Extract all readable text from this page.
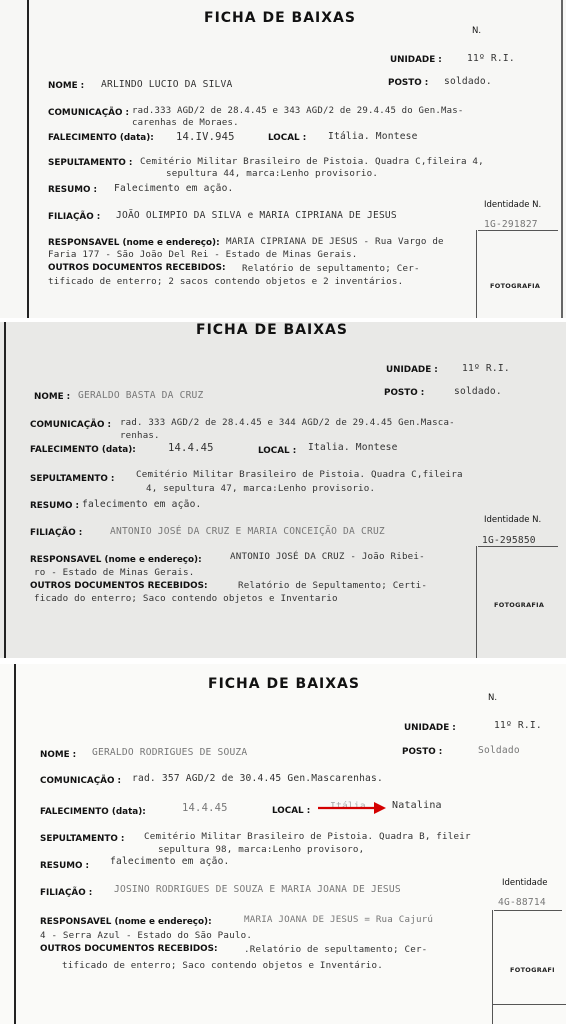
FICHA DE BAIXAS
N.
UNIDADE :	11º R.I.
NOME : ARLINDO LUCIO DA SILVA	POSTO : soldado.
COMUNICAÇÃO : rad.333 AGD/2 de 28.4.45 e 343 AGD/2 de 29.4.45 do Gen.Mas-
carenhas de Moraes.
FALECIMENTO (data): 14.IV.945	LOCAL : Itália. Montese
SEPULTAMENTO : Cemitério Militar Brasileiro de Pistoia. Quadra C,fileira 4,
sepultura 44, marca:Lenho provisorio.
RESUMO : Falecimento em ação.
Identidade N.
FILIAÇÃO : JOÃO OLIMPIO DA SILVA e MARIA CIPRIANA DE JESUS
1G-291827
RESPONSAVEL (nome e endereço): MARIA CIPRIANA DE JESUS - Rua Vargo de
Faria 177 - São João Del Rei - Estado de Minas Gerais.
OUTROS DOCUMENTOS RECEBIDOS: Relatório de sepultamento; Cer-
tificado de enterro; 2 sacos contendo objetos e 2 inventários.	FOTOGRAFIA
FICHA DE BAIXAS
UNIDADE :	11º R.I.
NOME : GERALDO BASTA DA CRUZ	POSTO :	soldado.
COMUNICAÇÃO : rad. 333 AGD/2 de 28.4.45 e 344 AGD/2 de 29.4.45 Gen.Masca-
renhas.
FALECIMENTO (data):	14.4.45	LOCAL : Italia. Montese
SEPULTAMENTO : Cemitério Militar Brasileiro de Pistoia. Quadra C,fileira
4, sepultura 47, marca:Lenho provisorio.
RESUMO : falecimento em ação.
Identidade N.
FILIAÇÃO :	ANTONIO JOSÉ DA CRUZ E MARIA CONCEIÇÃO DA CRUZ
1G-295850
RESPONSAVEL (nome e endereço):	ANTONIO JOSÉ DA CRUZ - João Ribei-
ro - Estado de Minas Gerais.
OUTROS DOCUMENTOS RECEBIDOS:	Relatório de Sepultamento; Certi-
ficado do enterro; Saco contendo objetos e Inventario
FOTOGRAFIA
FICHA DE BAIXAS
N.
UNIDADE :	11º R.I.
NOME : GERALDO RODRIGUES DE SOUZA	POSTO :	Soldado
COMUNICAÇÃO : rad. 357 AGD/2 de 30.4.45 Gen.Mascarenhas.
FALECIMENTO (data):	14.4.45	LOCAL : Itália	Natalina
SEPULTAMENTO : Cemitério Militar Brasileiro de Pistoia. Quadra B, fileir
sepultura 98, marca:Lenho provisoro,
RESUMO : falecimento em ação.
Identidade
FILIAÇÃO : JOSINO RODRIGUES DE SOUZA E MARIA JOANA DE JESUS
4G-88714
RESPONSAVEL (nome e endereço):	MARIA JOANA DE JESUS = Rua Cajurú
4 - Serra Azul - Estado do São Paulo.
OUTROS DOCUMENTOS RECEBIDOS:	.Relatório de sepultamento; Cer-
tificado de enterro; Saco contendo objetos e Inventário.	FOTOGRAFI
